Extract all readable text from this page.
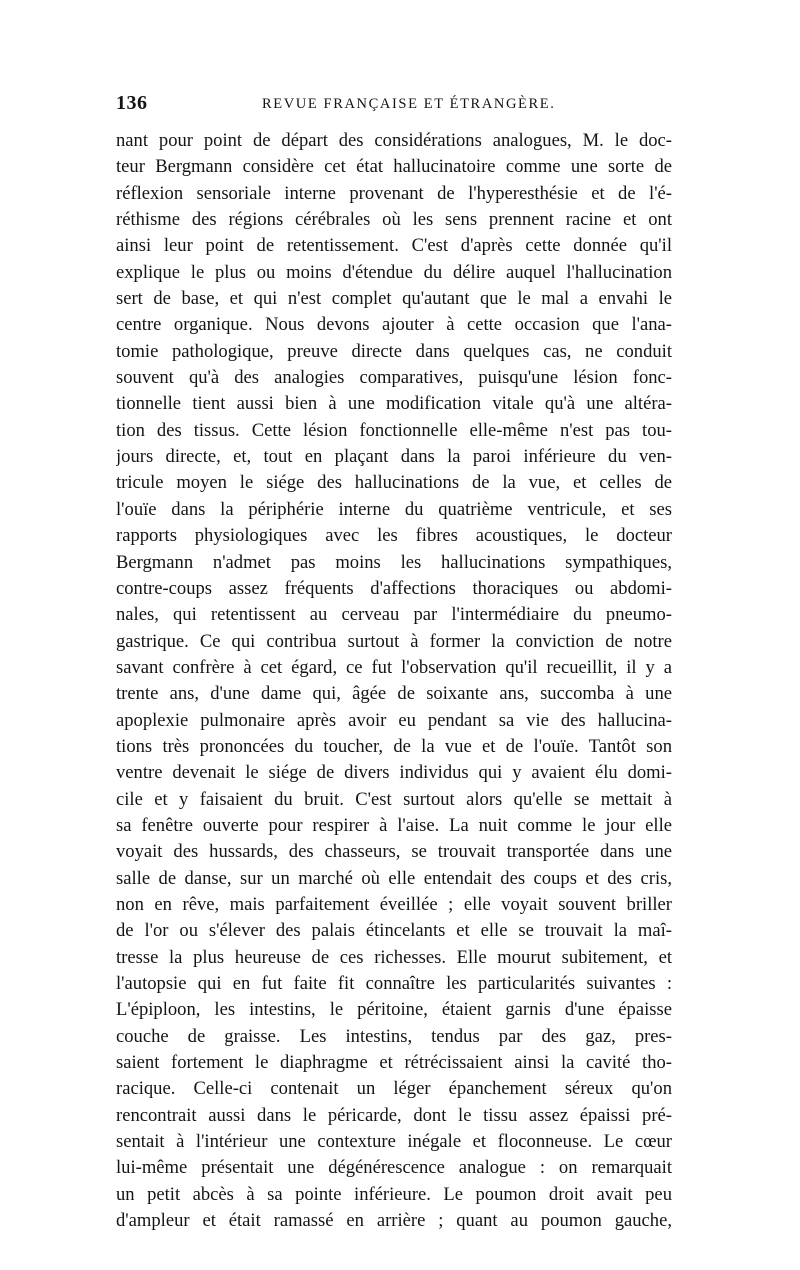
136	REVUE FRANÇAISE ET ÉTRANGÈRE.
nant pour point de départ des considérations analogues, M. le doc-
teur Bergmann considère cet état hallucinatoire comme une sorte de
réflexion sensoriale interne provenant de l'hyperesthésie et de l'é-
réthisme des régions cérébrales où les sens prennent racine et ont
ainsi leur point de retentissement. C'est d'après cette donnée qu'il
explique le plus ou moins d'étendue du délire auquel l'hallucination
sert de base, et qui n'est complet qu'autant que le mal a envahi le
centre organique. Nous devons ajouter à cette occasion que l'ana-
tomie pathologique, preuve directe dans quelques cas, ne conduit
souvent qu'à des analogies comparatives, puisqu'une lésion fonc-
tionnelle tient aussi bien à une modification vitale qu'à une altéra-
tion des tissus. Cette lésion fonctionnelle elle-même n'est pas tou-
jours directe, et, tout en plaçant dans la paroi inférieure du ven-
tricule moyen le siége des hallucinations de la vue, et celles de
l'ouïe dans la périphérie interne du quatrième ventricule, et ses
rapports physiologiques avec les fibres acoustiques, le docteur
Bergmann n'admet pas moins les hallucinations sympathiques,
contre-coups assez fréquents d'affections thoraciques ou abdomi-
nales, qui retentissent au cerveau par l'intermédiaire du pneumo-
gastrique. Ce qui contribua surtout à former la conviction de notre
savant confrère à cet égard, ce fut l'observation qu'il recueillit, il y a
trente ans, d'une dame qui, âgée de soixante ans, succomba à une
apoplexie pulmonaire après avoir eu pendant sa vie des hallucina-
tions très prononcées du toucher, de la vue et de l'ouïe. Tantôt son
ventre devenait le siége de divers individus qui y avaient élu domi-
cile et y faisaient du bruit. C'est surtout alors qu'elle se mettait à
sa fenêtre ouverte pour respirer à l'aise. La nuit comme le jour elle
voyait des hussards, des chasseurs, se trouvait transportée dans une
salle de danse, sur un marché où elle entendait des coups et des cris,
non en rêve, mais parfaitement éveillée ; elle voyait souvent briller
de l'or ou s'élever des palais étincelants et elle se trouvait la maî-
tresse la plus heureuse de ces richesses. Elle mourut subitement, et
l'autopsie qui en fut faite fit connaître les particularités suivantes :
L'épiploon, les intestins, le péritoine, étaient garnis d'une épaisse
couche de graisse. Les intestins, tendus par des gaz, pres-
saient fortement le diaphragme et rétrécissaient ainsi la cavité tho-
racique. Celle-ci contenait un léger épanchement séreux qu'on
rencontrait aussi dans le péricarde, dont le tissu assez épaissi pré-
sentait à l'intérieur une contexture inégale et floconneuse. Le cœur
lui-même présentait une dégénérescence analogue : on remarquait
un petit abcès à sa pointe inférieure. Le poumon droit avait peu
d'ampleur et était ramassé en arrière ; quant au poumon gauche,
